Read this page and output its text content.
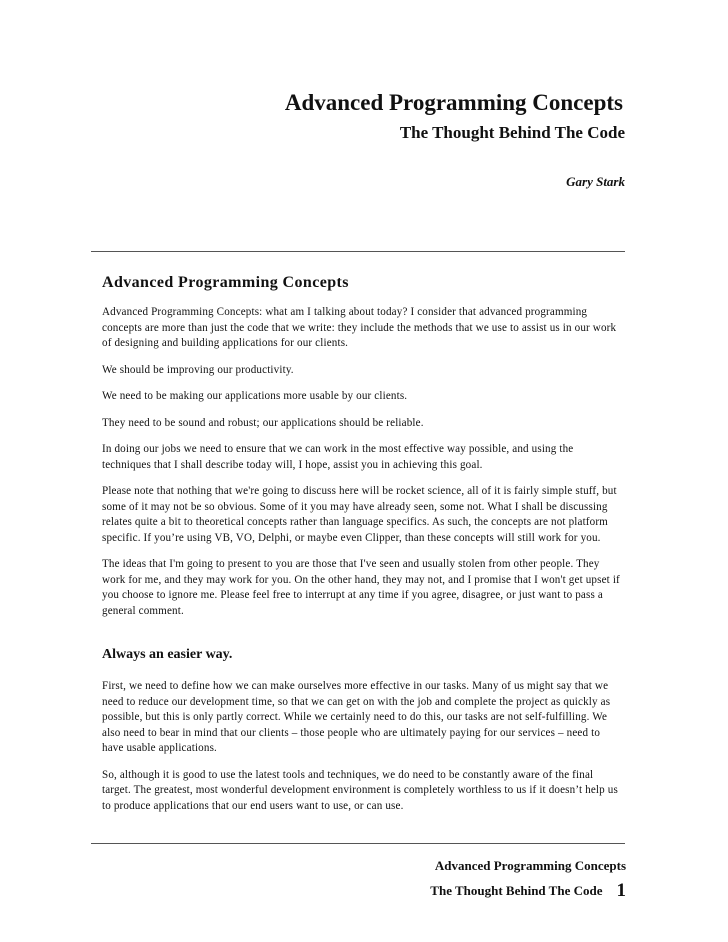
Advanced Programming Concepts
The Thought Behind The Code
Gary Stark
Advanced Programming Concepts

Advanced Programming Concepts: what am I talking about today? I consider that advanced programming concepts are more than just the code that we write: they include the methods that we use to assist us in our work of designing and building applications for our clients.

We should be improving our productivity.

We need to be making our applications more usable by our clients.

They need to be sound and robust; our applications should be reliable.

In doing our jobs we need to ensure that we can work in the most effective way possible, and using the techniques that I shall describe today will, I hope, assist you in achieving this goal.

Please note that nothing that we're going to discuss here will be rocket science, all of it is fairly simple stuff, but some of it may not be so obvious. Some of it you may have already seen, some not. What I shall be discussing relates quite a bit to theoretical concepts rather than language specifics. As such, the concepts are not platform specific. If you’re using VB, VO, Delphi, or maybe even Clipper, than these concepts will still work for you.

The ideas that I'm going to present to you are those that I've seen and usually stolen from other people. They work for me, and they may work for you. On the other hand, they may not, and I promise that I won't get upset if you choose to ignore me. Please feel free to interrupt at any time if you agree, disagree, or just want to pass a general comment.

Always an easier way.

First, we need to define how we can make ourselves more effective in our tasks. Many of us might say that we need to reduce our development time, so that we can get on with the job and complete the project as quickly as possible, but this is only partly correct. While we certainly need to do this, our tasks are not self-fulfilling. We also need to bear in mind that our clients – those people who are ultimately paying for our services – need to have usable applications.

So, although it is good to use the latest tools and techniques, we do need to be constantly aware of the final target. The greatest, most wonderful development environment is completely worthless to us if it doesn’t help us to produce applications that our end users want to use, or can use.

Advanced Programming Concepts
The Thought Behind The Code 1
